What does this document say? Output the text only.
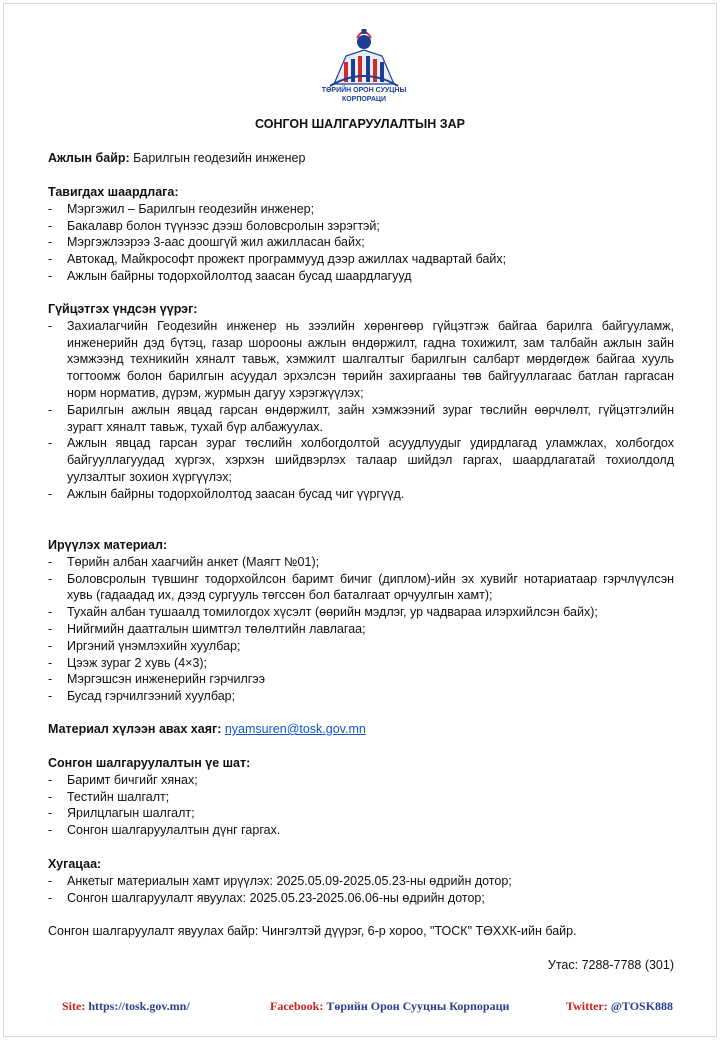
ТӨРИЙН ОРОН СУУЦНЫ
КОРПОРАЦИ
СОНГОН ШАЛГАРУУЛАЛТЫН ЗАР
Ажлын байр: Барилгын геодезийн инженер
Тавигдах шаардлага:
- Мэргэжил – Барилгын геодезийн инженер;
- Бакалавр болон түүнээс дээш боловсролын зэрэгтэй;
- Мэргэжлээрээ 3-аас доошгүй жил ажилласан байх;
- Автокад, Майкрософт прожект программууд дээр ажиллах чадвартай байх;
- Ажлын байрны тодорхойлолтод заасан бусад шаардлагууд
Гүйцэтгэх үндсэн үүрэг:
- Захиалагчийн Геодезийн инженер нь зээлийн хөрөнгөөр гүйцэтгэж байгаа барилга байгууламж, инженерийн дэд бүтэц, газар шорооны ажлын өндөржилт, гадна тохижилт, зам талбайн ажлын зайн хэмжээнд техникийн хяналт тавьж, хэмжилт шалгалтыг барилгын салбарт мөрдөгдөж байгаа хууль тогтоомж болон барилгын асуудал эрхэлсэн төрийн захиргааны төв байгууллагаас батлан гаргасан норм норматив, дүрэм, журмын дагуу хэрэгжүүлэх;
- Барилгын ажлын явцад гарсан өндөржилт, зайн хэмжээний зураг төслийн өөрчлөлт, гүйцэтгэлийн зурагт хяналт тавьж, тухай бүр албажуулах.
- Ажлын явцад гарсан зураг төслийн холбогдолтой асуудлуудыг удирдлагад уламжлах, холбогдох байгууллагуудад хүргэх, хэрхэн шийдвэрлэх талаар шийдэл гаргах, шаардлагатай тохиолдолд уулзалтыг зохион хүргүүлэх;
- Ажлын байрны тодорхойлолтод заасан бусад чиг үүргүүд.
Ирүүлэх материал:
- Төрийн албан хаагчийн анкет (Маягт №01);
- Боловсролын түвшинг тодорхойлсон баримт бичиг (диплом)-ийн эх хувийг нотариатаар гэрчлүүлсэн хувь (гадаадад их, дээд сургууль төгссөн бол баталгаат орчуулгын хамт);
- Тухайн албан тушаалд томилогдох хүсэлт (өөрийн мэдлэг, ур чадвараа илэрхийлсэн байх);
- Нийгмийн даатгалын шимтгэл төлөлтийн лавлагаа;
- Иргэний үнэмлэхийн хуулбар;
- Цээж зураг 2 хувь (4×3);
- Мэргэшсэн инженерийн гэрчилгээ
- Бусад гэрчилгээний хуулбар;
Материал хүлээн авах хаяг: nyamsuren@tosk.gov.mn
Сонгон шалгаруулалтын үе шат:
- Баримт бичгийг хянах;
- Тестийн шалгалт;
- Ярилцлагын шалгалт;
- Сонгон шалгаруулалтын дүнг гаргах.
Хугацаа:
- Анкетыг материалын хамт ирүүлэх: 2025.05.09-2025.05.23-ны өдрийн дотор;
- Сонгон шалгаруулалт явуулах: 2025.05.23-2025.06.06-ны өдрийн дотор;
Сонгон шалгаруулалт явуулах байр: Чингэлтэй дүүрэг, 6-р хороо, "ТОСК" ТӨХХК-ийн байр.
Утас: 7288-7788 (301)
Site: https://tosk.gov.mn/	Facebook: Төрийн Орон Сууцны Корпораци	Twitter: @TOSK888
